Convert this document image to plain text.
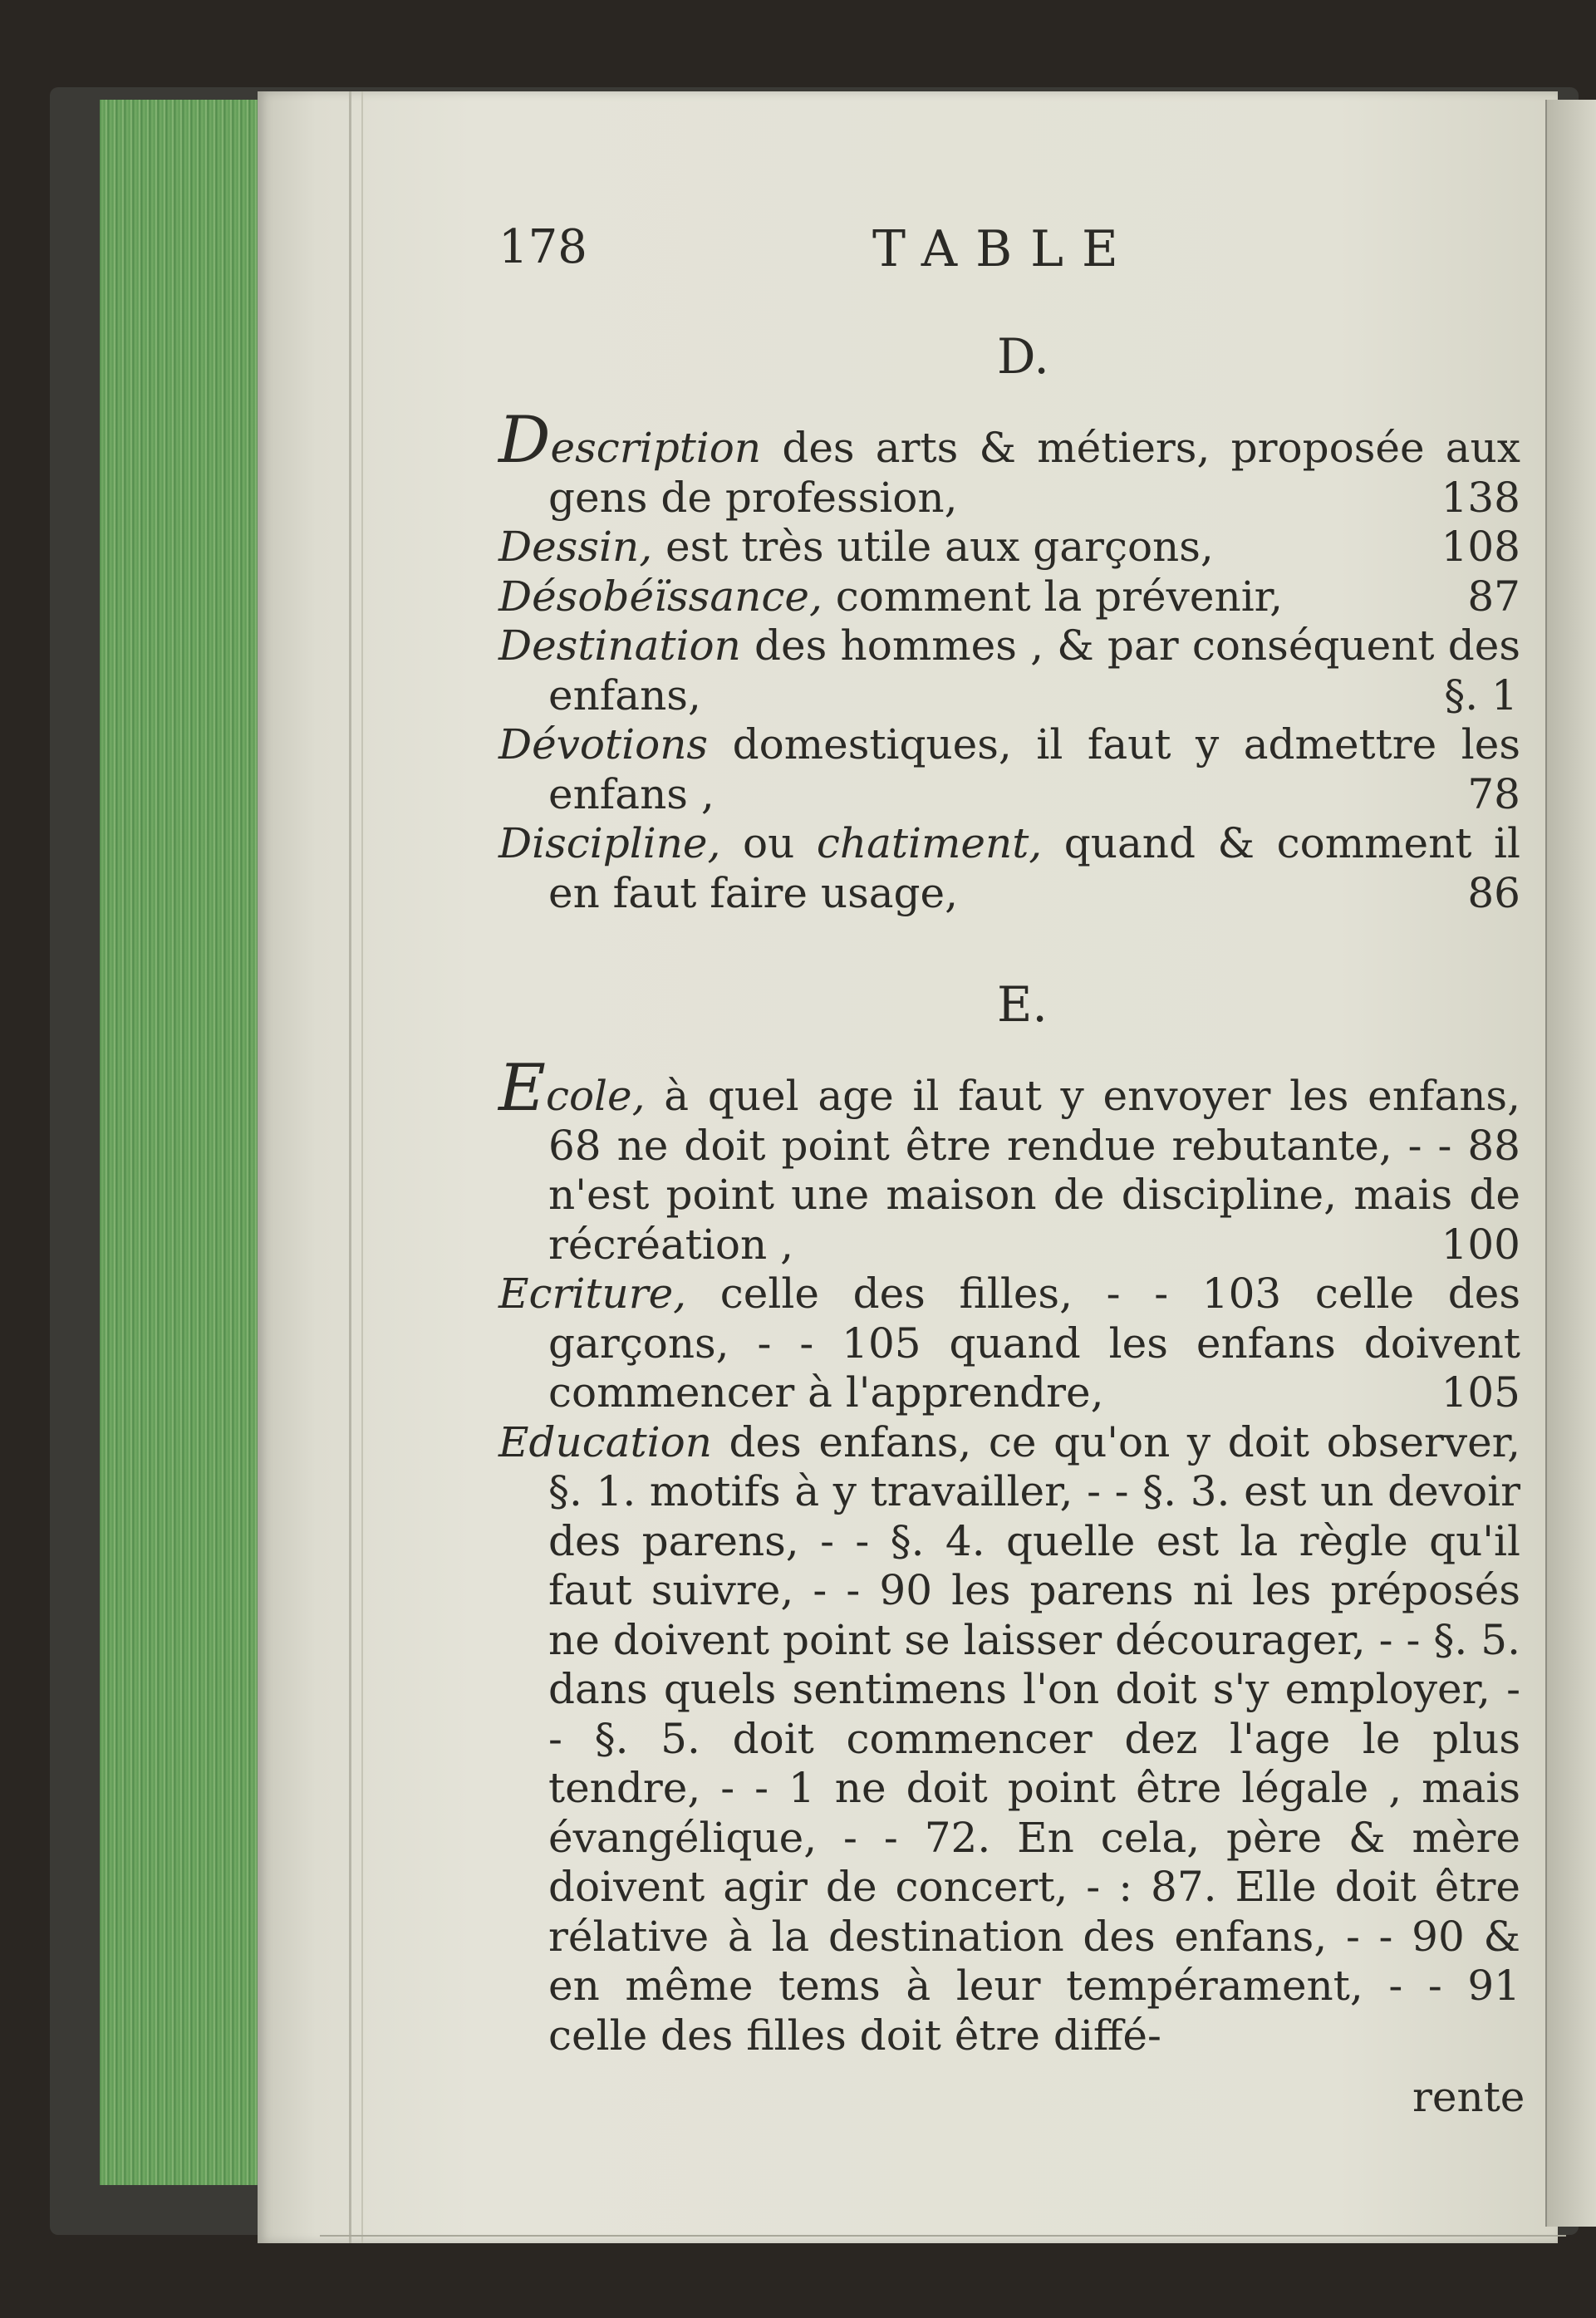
178	TABLE
D.

Description des arts & métiers, proposée aux gens de profession,	138

Dessin, est très utile aux garçons,	108

Désobéïssance, comment la prévenir,	87

Destination des hommes , & par conséquent des enfans,	§. 1

Dévotions domestiques, il faut y admettre les enfans ,	78

Discipline, ou chatiment, quand & comment il en faut faire usage,	86

E.

Ecole, à quel age il faut y envoyer les enfans, 68 ne doit point être rendue rebutante, - - 88 n'est point une maison de discipline, mais de récréation ,	100

Ecriture, celle des filles, - - 103 celle des garçons, - - 105 quand les enfans doivent commencer à l'apprendre,	105

Education des enfans, ce qu'on y doit observer, §. 1. motifs à y travailler, - - §. 3. est un devoir des parens, - - §. 4. quelle est la règle qu'il faut suivre, - - 90 les parens ni les préposés ne doivent point se laisser décourager, - - §. 5. dans quels sentimens l'on doit s'y employer, - - §. 5. doit commencer dez l'age le plus tendre, - - 1 ne doit point être légale , mais évangélique, - - 72. En cela, père & mère doivent agir de concert, - : 87. Elle doit être rélative à la destination des enfans, - - 90 & en même tems à leur tempérament, - - 91 celle des filles doit être diffé-

rente
